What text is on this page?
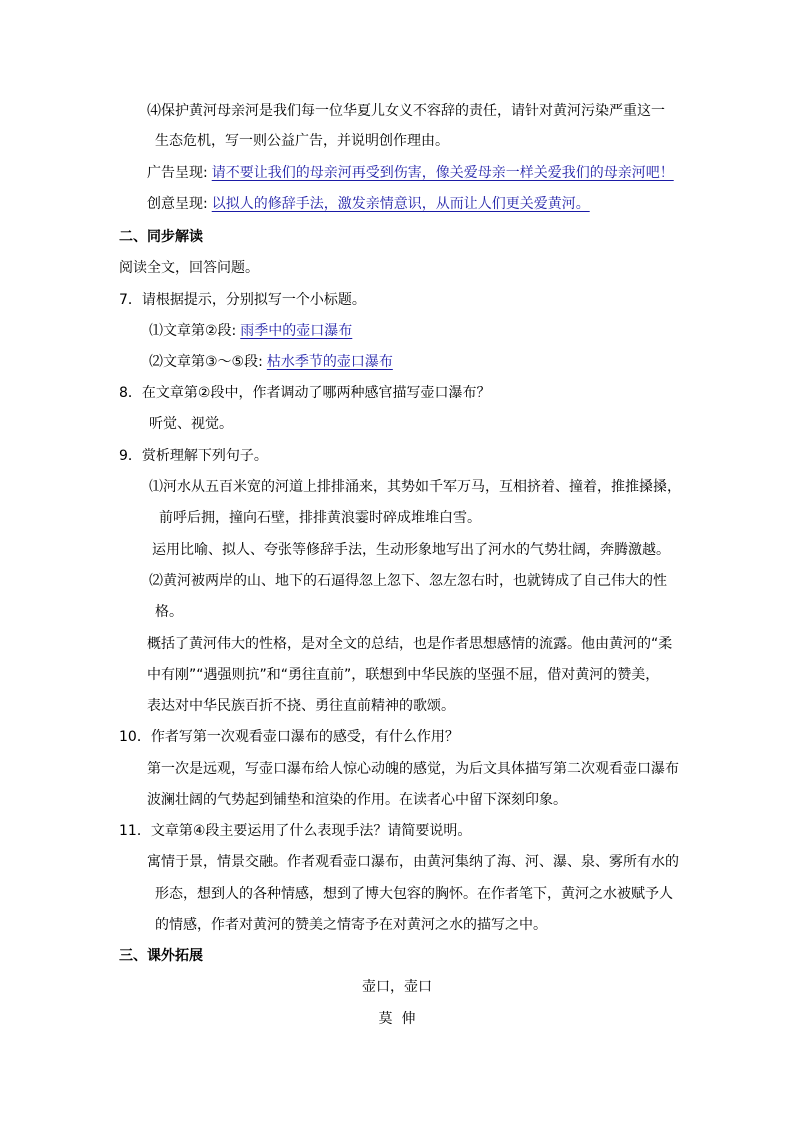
⑷保护黄河母亲河是我们每一位华夏儿女义不容辞的责任，请针对黄河污染严重这一
生态危机，写一则公益广告，并说明创作理由。
广告呈现: 请不要让我们的母亲河再受到伤害，像关爱母亲一样关爱我们的母亲河吧！
创意呈现: 以拟人的修辞手法，激发亲情意识，从而让人们更关爱黄河。
二、同步解读
阅读全文，回答问题。
7．请根据提示，分别拟写一个小标题。
⑴文章第②段: 雨季中的壶口瀑布
⑵文章第③～⑤段: 枯水季节的壶口瀑布
8．在文章第②段中，作者调动了哪两种感官描写壶口瀑布？
听觉、视觉。
9．赏析理解下列句子。
⑴河水从五百米宽的河道上排排涌来，其势如千军万马，互相挤着、撞着，推推搡搡，
前呼后拥，撞向石壁，排排黄浪霎时碎成堆堆白雪。
运用比喻、拟人、夸张等修辞手法，生动形象地写出了河水的气势壮阔，奔腾激越。
⑵黄河被两岸的山、地下的石逼得忽上忽下、忽左忽右时，也就铸成了自己伟大的性
格。
概括了黄河伟大的性格，是对全文的总结，也是作者思想感情的流露。他由黄河的“柔
中有刚”“遇强则抗”和“勇往直前”，联想到中华民族的坚强不屈，借对黄河的赞美，
表达对中华民族百折不挠、勇往直前精神的歌颂。
10．作者写第一次观看壶口瀑布的感受，有什么作用？
第一次是远观，写壶口瀑布给人惊心动魄的感觉，为后文具体描写第二次观看壶口瀑布
波澜壮阔的气势起到铺垫和渲染的作用。在读者心中留下深刻印象。
11．文章第④段主要运用了什么表现手法？请简要说明。
寓情于景，情景交融。作者观看壶口瀑布，由黄河集纳了海、河、瀑、泉、雾所有水的
形态，想到人的各种情感，想到了博大包容的胸怀。在作者笔下，黄河之水被赋予人
的情感，作者对黄河的赞美之情寄予在对黄河之水的描写之中。
三、课外拓展
壶口，壶口
莫  伸
